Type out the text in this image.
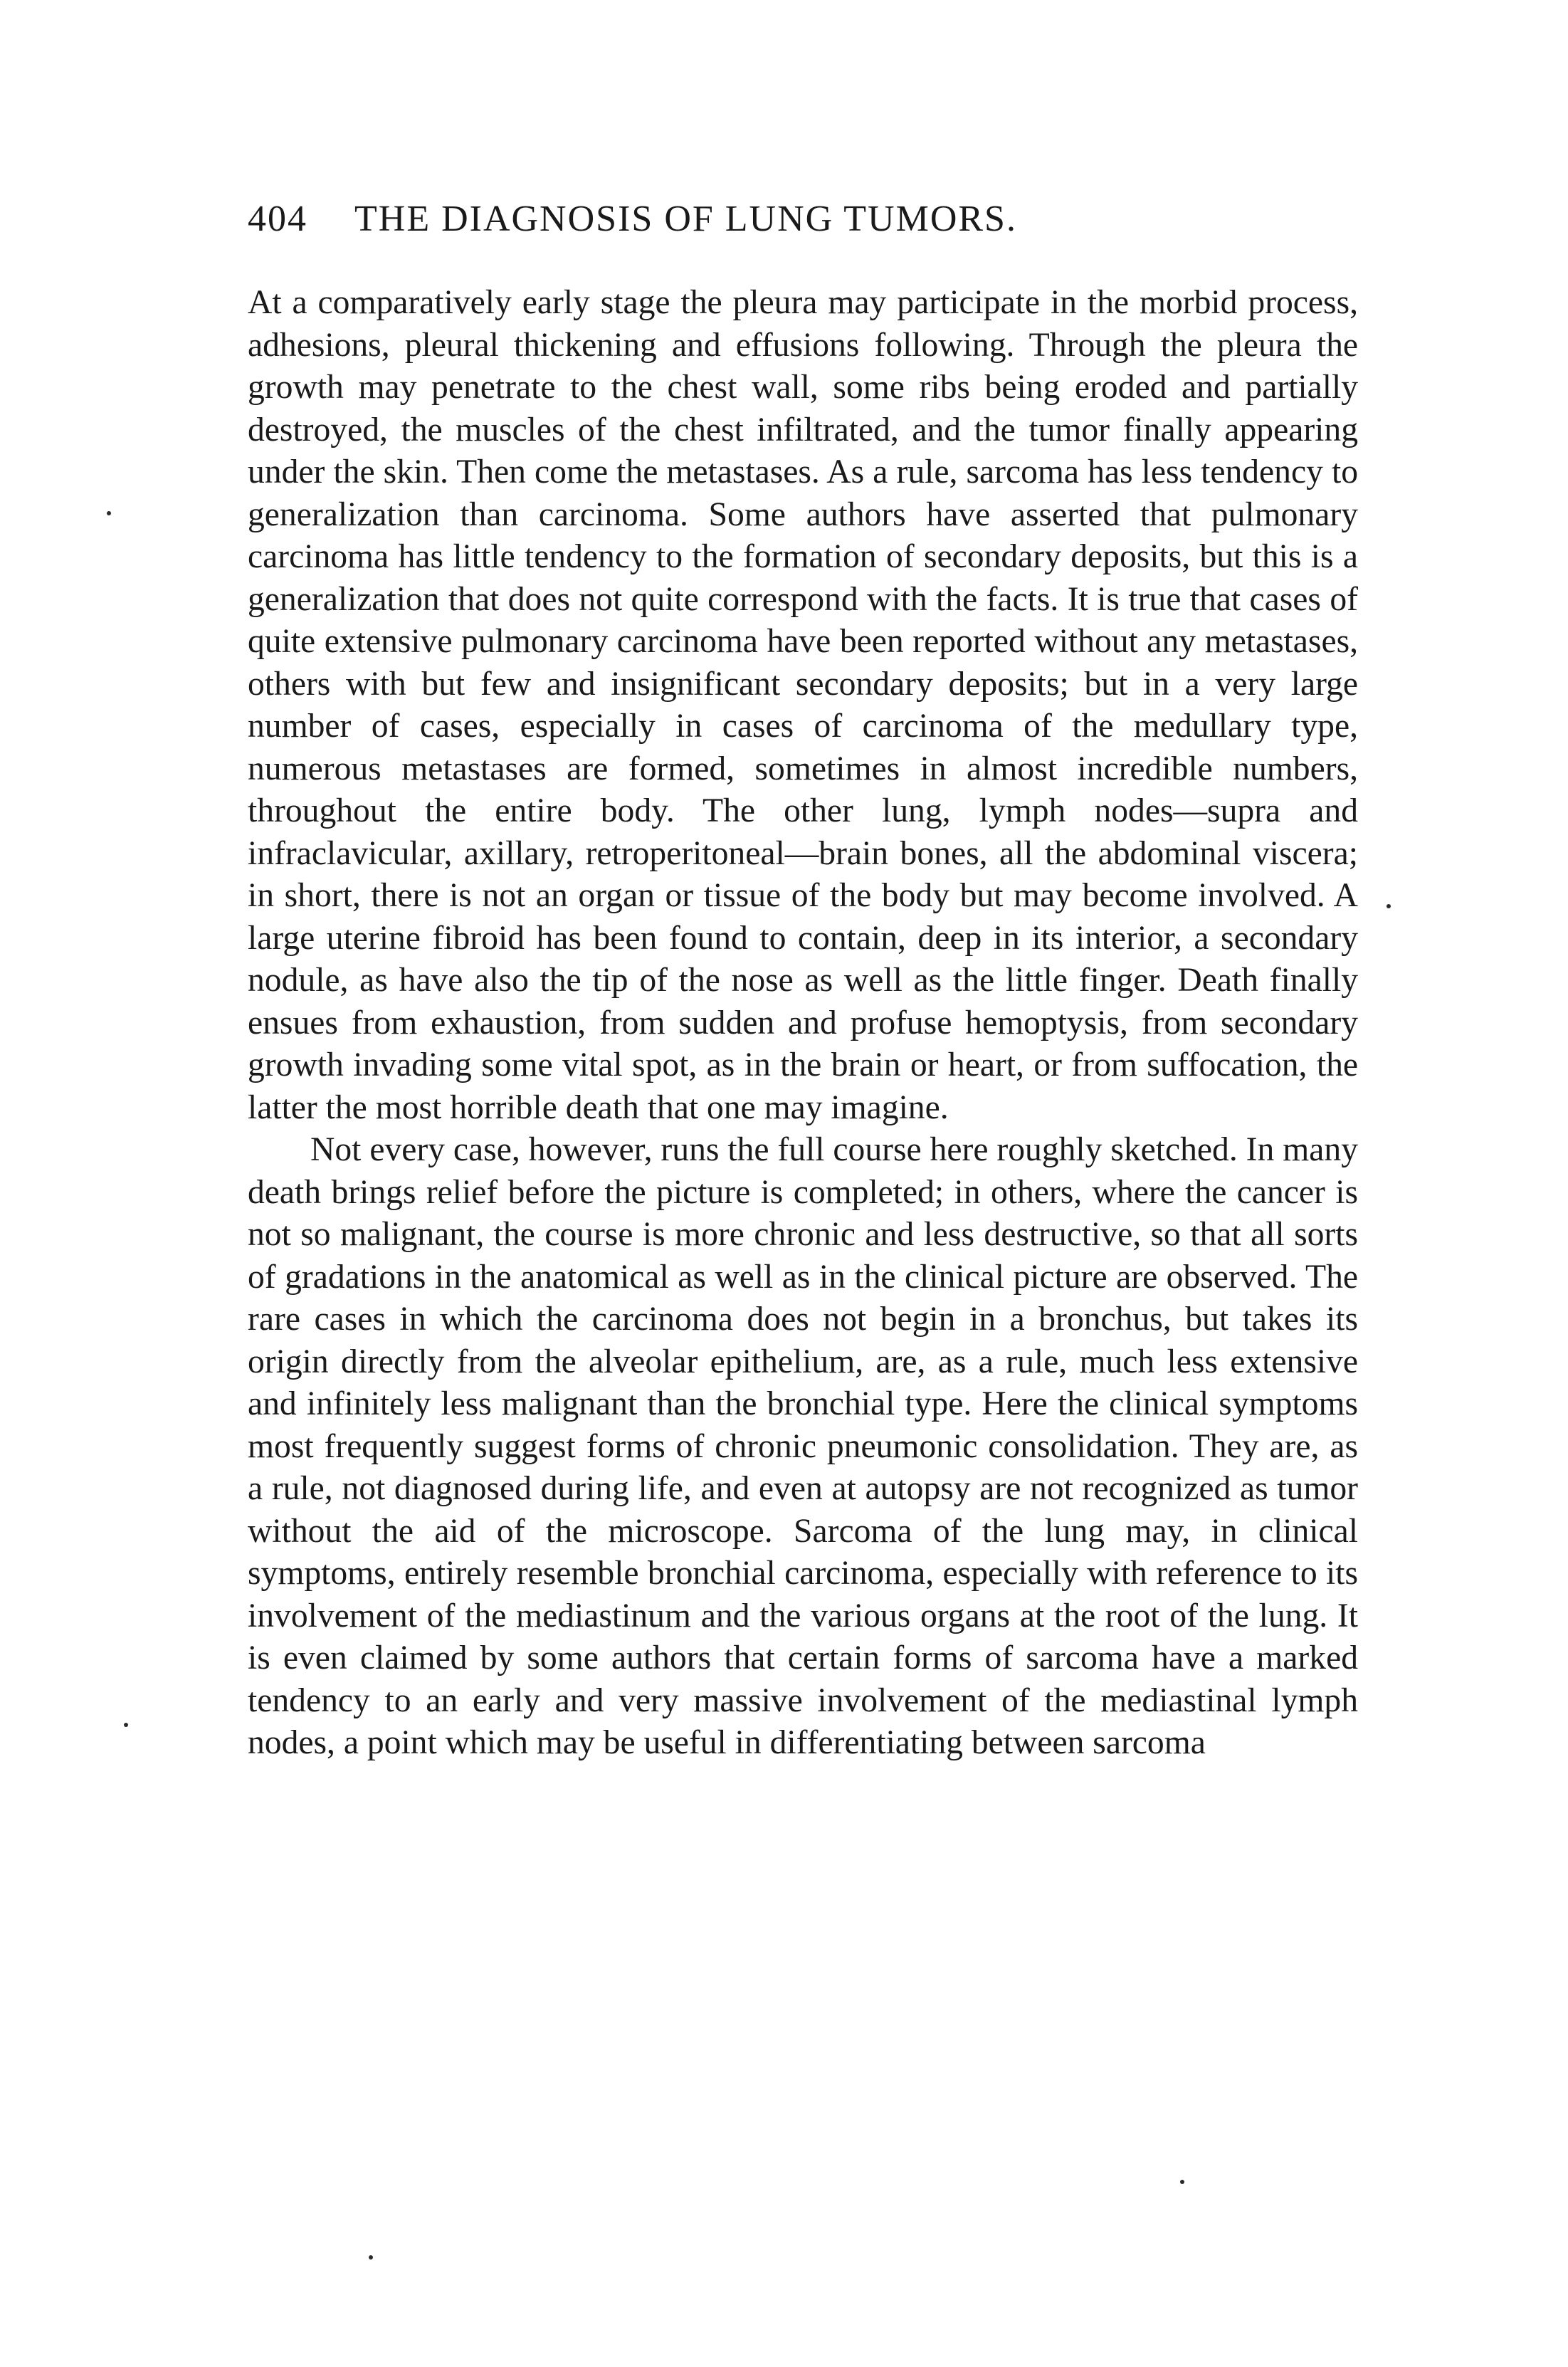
404 THE DIAGNOSIS OF LUNG TUMORS.

At a comparatively early stage the pleura may participate in the morbid process, adhesions, pleural thickening and effusions following. Through the pleura the growth may penetrate to the chest wall, some ribs being eroded and partially destroyed, the muscles of the chest infiltrated, and the tumor finally appearing under the skin. Then come the metastases. As a rule, sarcoma has less tendency to generalization than carcinoma. Some authors have asserted that pulmonary carcinoma has little tendency to the formation of secondary deposits, but this is a generalization that does not quite correspond with the facts. It is true that cases of quite extensive pulmonary carcinoma have been reported without any metastases, others with but few and insignificant secondary deposits; but in a very large number of cases, especially in cases of carcinoma of the medullary type, numerous metastases are formed, sometimes in almost incredible numbers, throughout the entire body. The other lung, lymph nodes—supra and infraclavicular, axillary, retroperitoneal—brain bones, all the abdominal viscera; in short, there is not an organ or tissue of the body but may become involved. A large uterine fibroid has been found to contain, deep in its interior, a secondary nodule, as have also the tip of the nose as well as the little finger. Death finally ensues from exhaustion, from sudden and profuse hemoptysis, from secondary growth invading some vital spot, as in the brain or heart, or from suffocation, the latter the most horrible death that one may imagine.

Not every case, however, runs the full course here roughly sketched. In many death brings relief before the picture is completed; in others, where the cancer is not so malignant, the course is more chronic and less destructive, so that all sorts of gradations in the anatomical as well as in the clinical picture are observed. The rare cases in which the carcinoma does not begin in a bronchus, but takes its origin directly from the alveolar epithelium, are, as a rule, much less extensive and infinitely less malignant than the bronchial type. Here the clinical symptoms most frequently suggest forms of chronic pneumonic consolidation. They are, as a rule, not diagnosed during life, and even at autopsy are not recognized as tumor without the aid of the microscope. Sarcoma of the lung may, in clinical symptoms, entirely resemble bronchial carcinoma, especially with reference to its involvement of the mediastinum and the various organs at the root of the lung. It is even claimed by some authors that certain forms of sarcoma have a marked tendency to an early and very massive involvement of the mediastinal lymph nodes, a point which may be useful in differentiating between sarcoma
